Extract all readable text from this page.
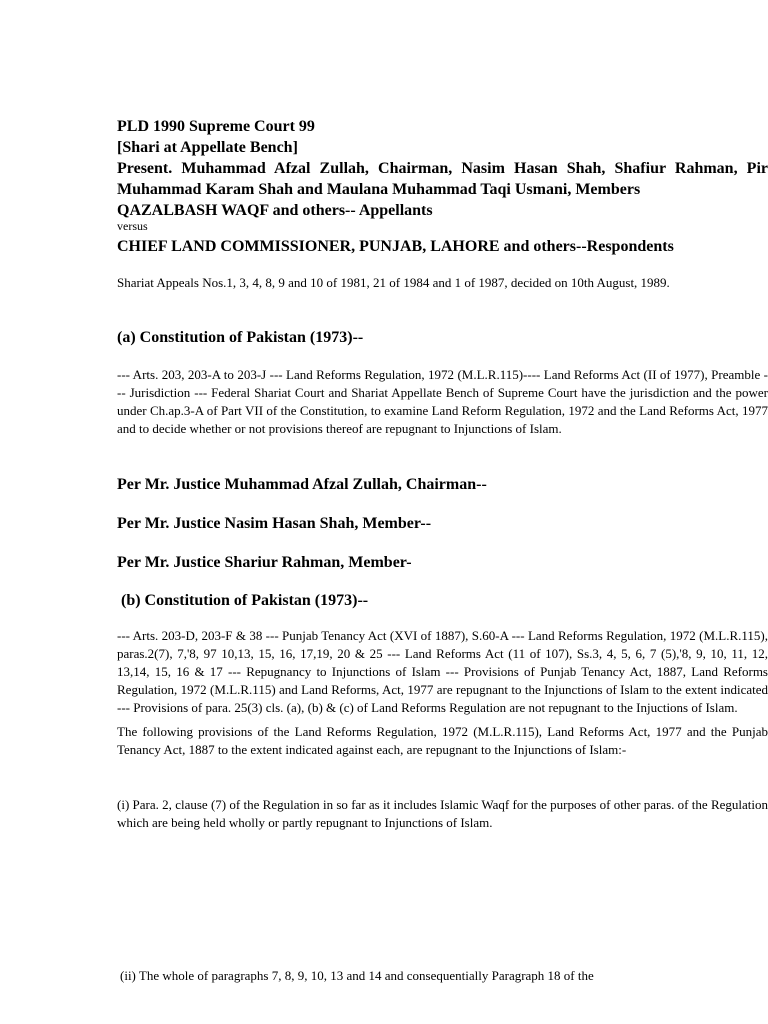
PLD 1990 Supreme Court 99
[Shari at Appellate Bench]
Present. Muhammad Afzal Zullah, Chairman, Nasim Hasan Shah, Shafiur Rahman, Pir Muhammad Karam Shah and Maulana Muhammad Taqi Usmani, Members
QAZALBASH WAQF and others-- Appellants
versus
CHIEF LAND COMMISSIONER, PUNJAB, LAHORE and others--Respondents
Shariat Appeals Nos.1, 3, 4, 8, 9 and 10 of 1981, 21 of 1984 and 1 of 1987, decided on 10th August, 1989.
(a) Constitution of Pakistan (1973)--
--- Arts. 203, 203-A to 203-J --- Land Reforms Regulation, 1972 (M.L.R.115)---- Land Reforms Act (II of 1977), Preamble --- Jurisdiction --- Federal Shariat Court and Shariat Appellate Bench of Supreme Court have the jurisdiction and the power under Ch.ap.3-A of Part VII of the Constitution, to examine Land Reform Regulation, 1972 and the Land Reforms Act, 1977 and to decide whether or not provisions thereof are repugnant to Injunctions of Islam.
Per Mr. Justice Muhammad Afzal Zullah, Chairman--
Per Mr. Justice Nasim Hasan Shah, Member--
Per Mr. Justice Shariur Rahman, Member-
(b) Constitution of Pakistan (1973)--
--- Arts. 203-D, 203-F & 38 --- Punjab Tenancy Act (XVI of 1887), S.60-A --- Land Reforms Regulation, 1972 (M.L.R.115), paras.2(7), 7,'8, 97 10,13, 15, 16, 17,19, 20 & 25 --- Land Reforms Act (11 of 107), Ss.3, 4, 5, 6, 7 (5),'8, 9, 10, 11, 12, 13,14, 15, 16 & 17 --- Repugnancy to Injunctions of Islam --- Provisions of Punjab Tenancy Act, 1887, Land Reforms Regulation, 1972 (M.L.R.115) and Land Reforms, Act, 1977 are repugnant to the Injunctions of Islam to the extent indicated --- Provisions of para. 25(3) cls. (a), (b) & (c) of Land Reforms Regulation are not repugnant to the Injuctions of Islam.
The following provisions of the Land Reforms Regulation, 1972 (M.L.R.115), Land Reforms Act, 1977 and the Punjab Tenancy Act, 1887 to the extent indicated against each, are repugnant to the Injunctions of Islam:-
(i) Para. 2, clause (7) of the Regulation in so far as it includes Islamic Waqf for the purposes of other paras. of the Regulation which are being held wholly or partly repugnant to Injunctions of Islam.
(ii) The whole of paragraphs 7, 8, 9, 10, 13 and 14 and consequentially Paragraph 18 of the
